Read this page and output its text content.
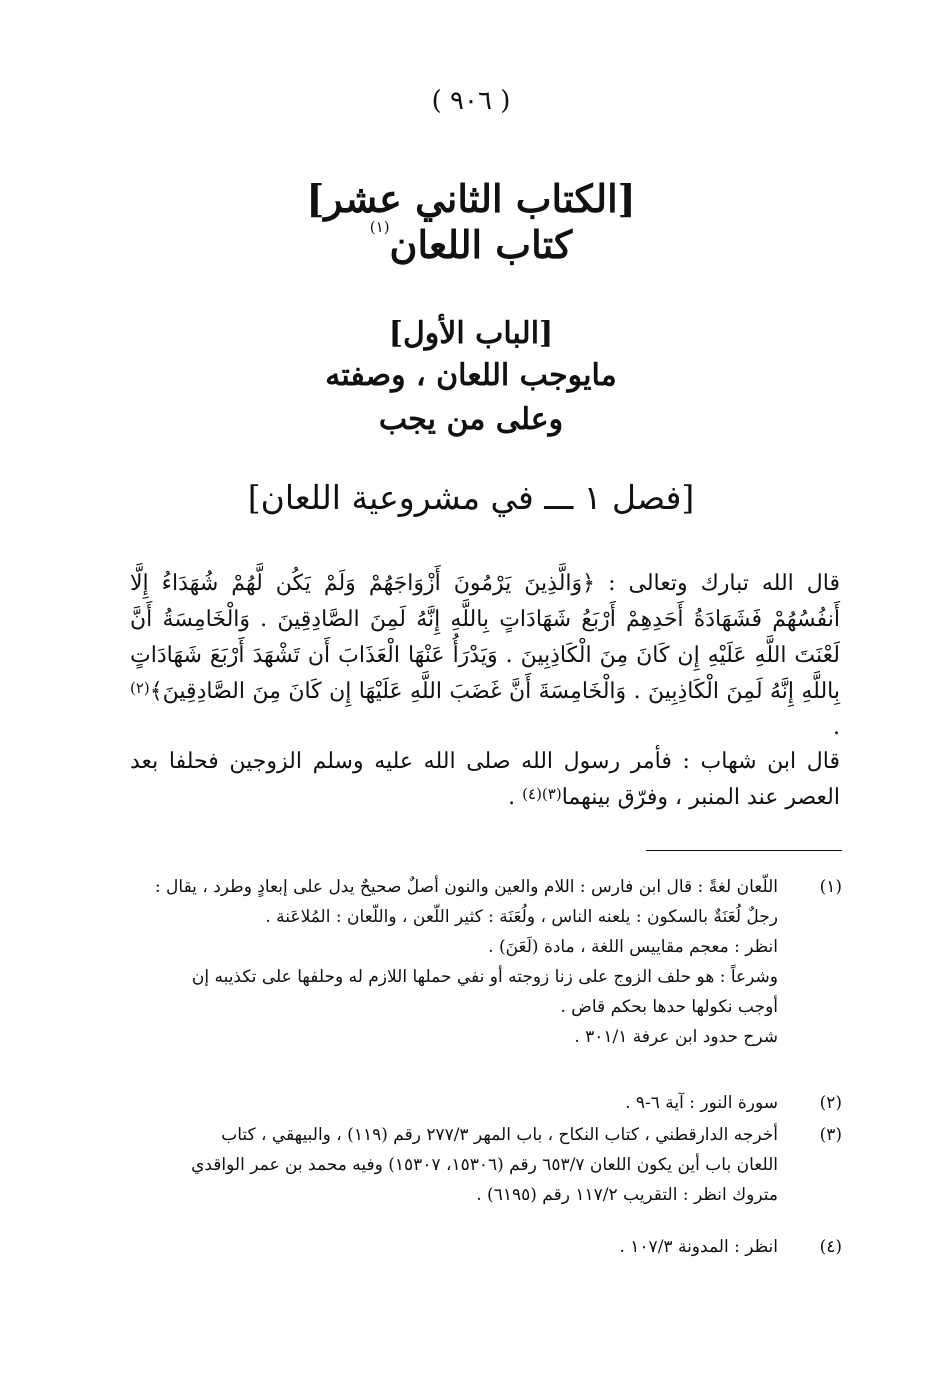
( ٩٠٦ )
[الكتاب الثاني عشر]
كتاب اللعان$^{(١)}$
[الباب الأول]
مايوجب اللعان ، وصفته
وعلى من يجب
[فصل ١ ـــ في مشروعية اللعان]
قال الله تبارك وتعالى : ﴿وَالَّذِينَ يَرْمُونَ أَزْوَاجَهُمْ وَلَمْ يَكُن لَّهُمْ شُهَدَاءُ إِلَّا أَنفُسُهُمْ فَشَهَادَةُ أَحَدِهِمْ أَرْبَعُ شَهَادَاتٍ بِاللَّهِ إِنَّهُ لَمِنَ الصَّادِقِينَ . وَالْخَامِسَةُ أَنَّ لَعْنَتَ اللَّهِ عَلَيْهِ إِن كَانَ مِنَ الْكَاذِبِينَ . وَيَدْرَأُ عَنْهَا الْعَذَابَ أَن تَشْهَدَ أَرْبَعَ شَهَادَاتٍ بِاللَّهِ إِنَّهُ لَمِنَ الْكَاذِبِينَ . وَالْخَامِسَةَ أَنَّ غَضَبَ اللَّهِ عَلَيْهَا إِن كَانَ مِنَ الصَّادِقِينَ﴾$^{(٢)}$ .
قال ابن شهاب : فأمر رسول الله صلى الله عليه وسلم الزوجين فحلفا بعد العصر عند المنبر ، وفرّق بينهما$^{(٣)(٤)}$ .
(١)
اللّعان لغةً : قال ابن فارس : اللام والعين والنون أصلٌ صحيحٌ يدل على إبعادٍ وطرد ، يقال :
رجلٌ لُعَنَةٌ بالسكون : يلعنه الناس ، ولُعَنَة : كثير اللّعن ، واللّعان : المُلاعَنة .
انظر : معجم مقاييس اللغة ، مادة (لَعَنَ) .
وشرعاً : هو حلف الزوج على زنا زوجته أو نفي حملها اللازم له وحلفها على تكذيبه إن
أوجب نكولها حدها بحكم قاض .
شرح حدود ابن عرفة ٣٠١/١ .
(٢)
سورة النور : آية ٦-٩ .
(٣)
أخرجه الدارقطني ، كتاب النكاح ، باب المهر ٢٧٧/٣ رقم (١١٩) ، والبيهقي ، كتاب
اللعان باب أين يكون اللعان ٦٥٣/٧ رقم (١٥٣٠٦، ١٥٣٠٧) وفيه محمد بن عمر الواقدي
متروك انظر : التقريب ١١٧/٢ رقم (٦١٩٥) .
(٤)
انظر : المدونة ١٠٧/٣ .
